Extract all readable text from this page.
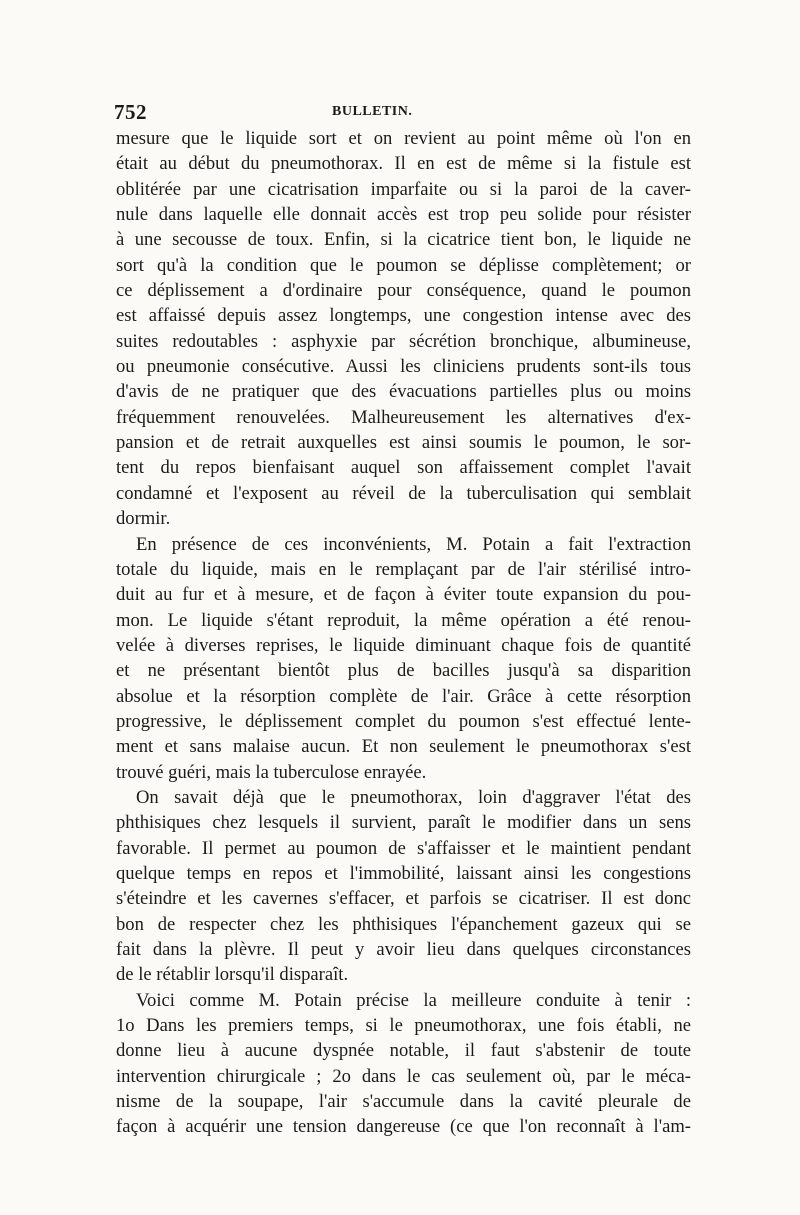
752	BULLETIN.
mesure que le liquide sort et on revient au point même où l'on en
était au début du pneumothorax. Il en est de même si la fistule est
oblitérée par une cicatrisation imparfaite ou si la paroi de la caver-
nule dans laquelle elle donnait accès est trop peu solide pour résister
à une secousse de toux. Enfin, si la cicatrice tient bon, le liquide ne
sort qu'à la condition que le poumon se déplisse complètement; or
ce déplissement a d'ordinaire pour conséquence, quand le poumon
est affaissé depuis assez longtemps, une congestion intense avec des
suites redoutables : asphyxie par sécrétion bronchique, albumineuse,
ou pneumonie consécutive. Aussi les cliniciens prudents sont-ils tous
d'avis de ne pratiquer que des évacuations partielles plus ou moins
fréquemment renouvelées. Malheureusement les alternatives d'ex-
pansion et de retrait auxquelles est ainsi soumis le poumon, le sor-
tent du repos bienfaisant auquel son affaissement complet l'avait
condamné et l'exposent au réveil de la tuberculisation qui semblait
dormir.
En présence de ces inconvénients, M. Potain a fait l'extraction
totale du liquide, mais en le remplaçant par de l'air stérilisé intro-
duit au fur et à mesure, et de façon à éviter toute expansion du pou-
mon. Le liquide s'étant reproduit, la même opération a été renou-
velée à diverses reprises, le liquide diminuant chaque fois de quantité
et ne présentant bientôt plus de bacilles jusqu'à sa disparition
absolue et la résorption complète de l'air. Grâce à cette résorption
progressive, le déplissement complet du poumon s'est effectué lente-
ment et sans malaise aucun. Et non seulement le pneumothorax s'est
trouvé guéri, mais la tuberculose enrayée.
On savait déjà que le pneumothorax, loin d'aggraver l'état des
phthisiques chez lesquels il survient, paraît le modifier dans un sens
favorable. Il permet au poumon de s'affaisser et le maintient pendant
quelque temps en repos et l'immobilité, laissant ainsi les congestions
s'éteindre et les cavernes s'effacer, et parfois se cicatriser. Il est donc
bon de respecter chez les phthisiques l'épanchement gazeux qui se
fait dans la plèvre. Il peut y avoir lieu dans quelques circonstances
de le rétablir lorsqu'il disparaît.
Voici comme M. Potain précise la meilleure conduite à tenir :
1o Dans les premiers temps, si le pneumothorax, une fois établi, ne
donne lieu à aucune dyspnée notable, il faut s'abstenir de toute
intervention chirurgicale ; 2o dans le cas seulement où, par le méca-
nisme de la soupape, l'air s'accumule dans la cavité pleurale de
façon à acquérir une tension dangereuse (ce que l'on reconnaît à l'am-
